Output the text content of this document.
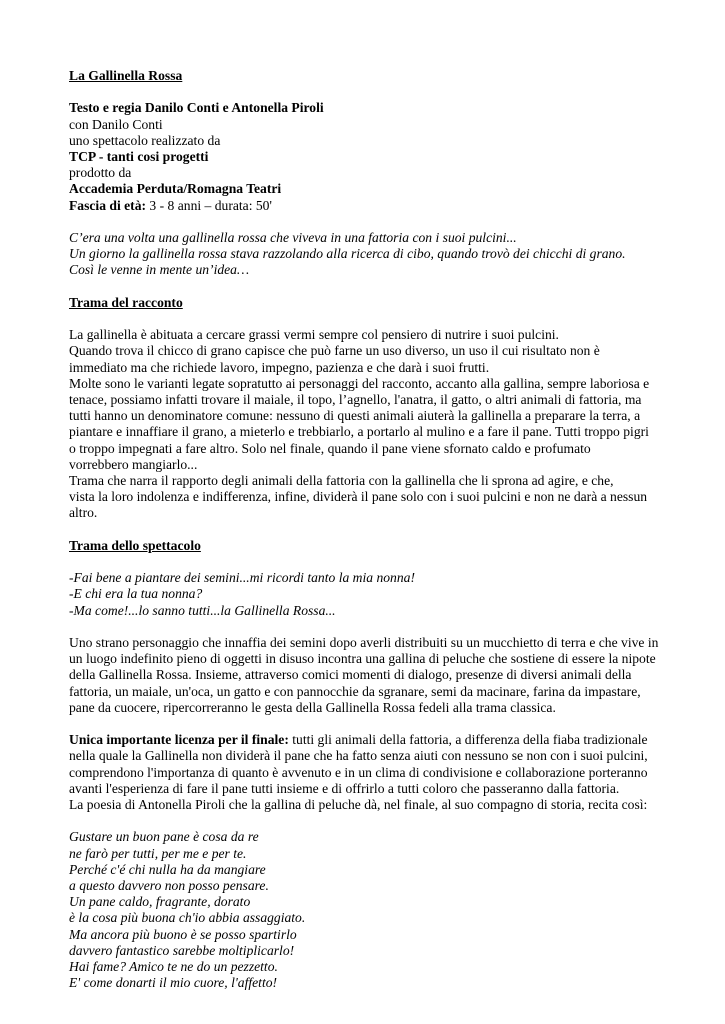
La Gallinella Rossa
Testo e regia Danilo Conti e Antonella Piroli
con Danilo Conti
uno spettacolo realizzato da
TCP - tanti cosi progetti
prodotto da
Accademia Perduta/Romagna Teatri
Fascia di età: 3 - 8 anni – durata: 50'
C’era una volta una gallinella rossa che viveva in una fattoria con i suoi pulcini...
Un giorno la gallinella rossa stava razzolando alla ricerca di cibo, quando trovò dei chicchi di grano.
Così le venne in mente un’idea…
Trama del racconto
La gallinella è abituata a cercare grassi vermi sempre col pensiero di nutrire i suoi pulcini.
Quando trova il chicco di grano capisce che può farne un uso diverso, un uso il cui risultato non è
immediato ma che richiede lavoro, impegno, pazienza e che darà i suoi frutti.
Molte sono le varianti legate sopratutto ai personaggi del racconto, accanto alla gallina, sempre laboriosa e
tenace, possiamo infatti trovare il maiale, il topo, l’agnello, l'anatra, il gatto, o altri animali di fattoria, ma
tutti hanno un denominatore comune: nessuno di questi animali aiuterà la gallinella a preparare la terra, a
piantare e innaffiare il grano, a mieterlo e trebbiarlo, a portarlo al mulino e a fare il pane. Tutti troppo pigri
o troppo impegnati a fare altro. Solo nel finale, quando il pane viene sfornato caldo e profumato
vorrebbero mangiarlo...
Trama che narra il rapporto degli animali della fattoria con la gallinella che li sprona ad agire, e che,
vista la loro indolenza e indifferenza, infine, dividerà il pane solo con i suoi pulcini e non ne darà a nessun
altro.
Trama dello spettacolo
-Fai bene a piantare dei semini...mi ricordi tanto la mia nonna!
-E chi era la tua nonna?
-Ma come!...lo sanno tutti...la Gallinella Rossa...
Uno strano personaggio che innaffia dei semini dopo averli distribuiti su un mucchietto di terra e che vive in
un luogo indefinito pieno di oggetti in disuso incontra una gallina di peluche che sostiene di essere la nipote
della Gallinella Rossa. Insieme, attraverso comici momenti di dialogo, presenze di diversi animali della
fattoria, un maiale, un'oca, un gatto e con pannocchie da sgranare, semi da macinare, farina da impastare,
pane da cuocere, ripercorreranno le gesta della Gallinella Rossa fedeli alla trama classica.
Unica importante licenza per il finale: tutti gli animali della fattoria, a differenza della fiaba tradizionale
nella quale la Gallinella non dividerà il pane che ha fatto senza aiuti con nessuno se non con i suoi pulcini,
comprendono l'importanza di quanto è avvenuto e in un clima di condivisione e collaborazione porteranno
avanti l'esperienza di fare il pane tutti insieme e di offrirlo a tutti coloro che passeranno dalla fattoria.
La poesia di Antonella Piroli che la gallina di peluche dà, nel finale, al suo compagno di storia, recita così:
Gustare un buon pane è cosa da re
ne farò per tutti, per me e per te.
Perché c'é chi nulla ha da mangiare
a questo davvero non posso pensare.
Un pane caldo, fragrante, dorato
è la cosa più buona ch'io abbia assaggiato.
Ma ancora più buono è se posso spartirlo
davvero fantastico sarebbe moltiplicarlo!
Hai fame? Amico te ne do un pezzetto.
E' come donarti il mio cuore, l'affetto!
